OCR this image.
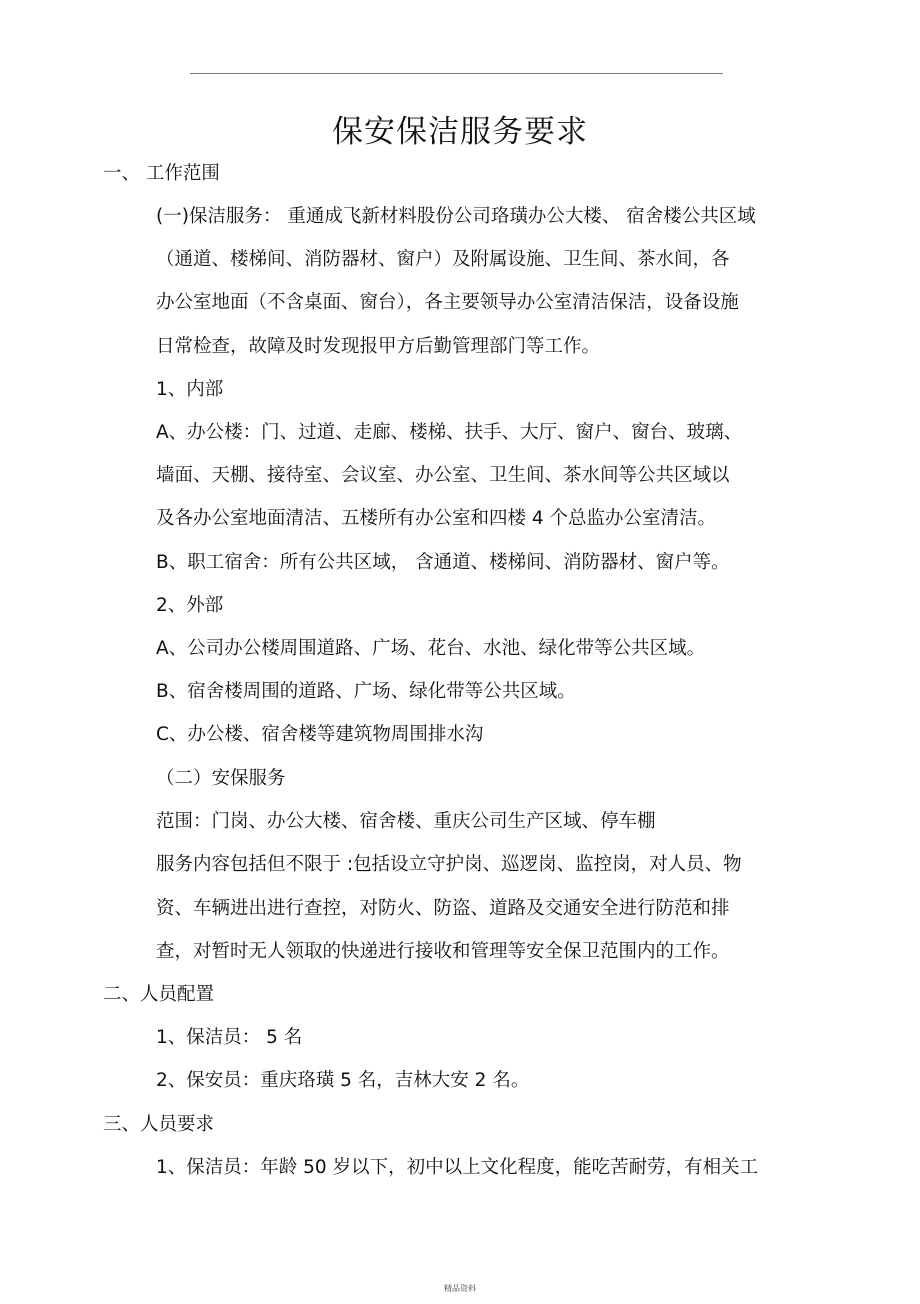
保安保洁服务要求
一、 工作范围
(一)保洁服务： 重通成飞新材料股份公司珞璜办公大楼、 宿舍楼公共区域
（通道、楼梯间、消防器材、窗户）及附属设施、卫生间、茶水间，各
办公室地面（不含桌面、窗台），各主要领导办公室清洁保洁，设备设施
日常检查，故障及时发现报甲方后勤管理部门等工作。
1、内部
A、办公楼：门、过道、走廊、楼梯、扶手、大厅、窗户、窗台、玻璃、
墙面、天棚、接待室、会议室、办公室、卫生间、茶水间等公共区域以
及各办公室地面清洁、五楼所有办公室和四楼 4 个总监办公室清洁。
B、职工宿舍：所有公共区域， 含通道、楼梯间、消防器材、窗户等。
2、外部
A、公司办公楼周围道路、广场、花台、水池、绿化带等公共区域。
B、宿舍楼周围的道路、广场、绿化带等公共区域。
C、办公楼、宿舍楼等建筑物周围排水沟
（二）安保服务
范围：门岗、办公大楼、宿舍楼、重庆公司生产区域、停车棚
服务内容包括但不限于 :包括设立守护岗、巡逻岗、监控岗，对人员、物
资、车辆进出进行查控，对防火、防盗、道路及交通安全进行防范和排
查，对暂时无人领取的快递进行接收和管理等安全保卫范围内的工作。
二、人员配置
1、保洁员： 5 名
2、保安员：重庆珞璜 5 名，吉林大安 2 名。
三、人员要求
1、保洁员：年龄 50 岁以下，初中以上文化程度，能吃苦耐劳，有相关工
精品资料
